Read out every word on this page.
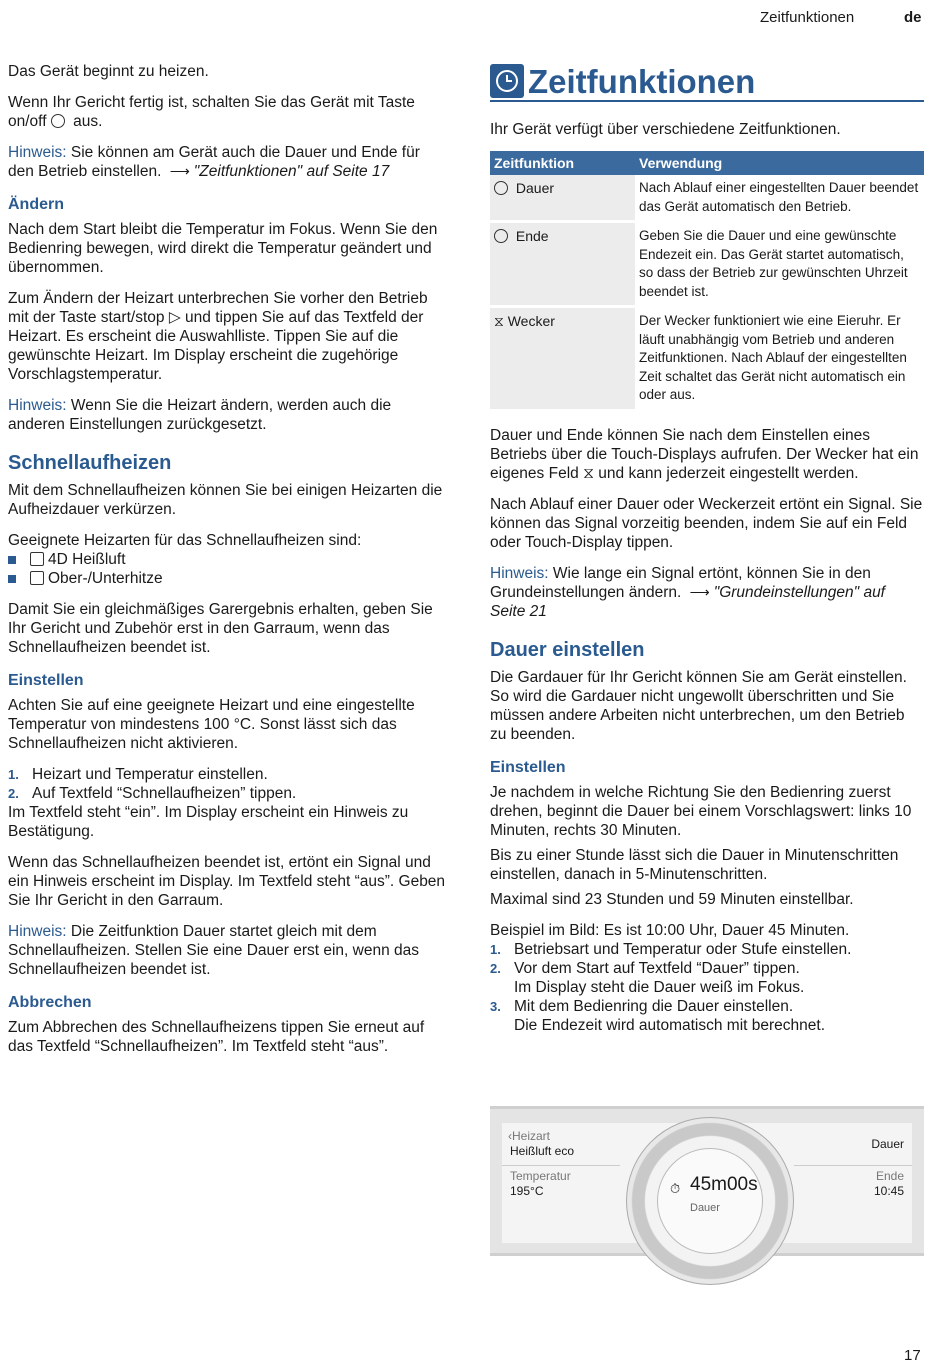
Zeitfunktionen	de

Das Gerät beginnt zu heizen.

Wenn Ihr Gericht fertig ist, schalten Sie das Gerät mit Taste on/off aus.

Hinweis: Sie können am Gerät auch die Dauer und Ende für den Betrieb einstellen. ⟶ "Zeitfunktionen" auf Seite 17

Ändern

Nach dem Start bleibt die Temperatur im Fokus. Wenn Sie den Bedienring bewegen, wird direkt die Temperatur geändert und übernommen.

Zum Ändern der Heizart unterbrechen Sie vorher den Betrieb mit der Taste start/stop ▷ und tippen Sie auf das Textfeld der Heizart. Es erscheint die Auswahlliste. Tippen Sie auf die gewünschte Heizart. Im Display erscheint die zugehörige Vorschlagstemperatur.

Hinweis: Wenn Sie die Heizart ändern, werden auch die anderen Einstellungen zurückgesetzt.

Schnellaufheizen

Mit dem Schnellaufheizen können Sie bei einigen Heizarten die Aufheizdauer verkürzen.

Geeignete Heizarten für das Schnellaufheizen sind:

4D Heißluft
Ober-/Unterhitze

Damit Sie ein gleichmäßiges Garergebnis erhalten, geben Sie Ihr Gericht und Zubehör erst in den Garraum, wenn das Schnellaufheizen beendet ist.

Einstellen

Achten Sie auf eine geeignete Heizart und eine eingestellte Temperatur von mindestens 100 °C. Sonst lässt sich das Schnellaufheizen nicht aktivieren.

1. Heizart und Temperatur einstellen.
2. Auf Textfeld “Schnellaufheizen” tippen.

Im Textfeld steht “ein”. Im Display erscheint ein Hinweis zu Bestätigung.

Wenn das Schnellaufheizen beendet ist, ertönt ein Signal und ein Hinweis erscheint im Display. Im Textfeld steht “aus”. Geben Sie Ihr Gericht in den Garraum.

Hinweis: Die Zeitfunktion Dauer startet gleich mit dem Schnellaufheizen. Stellen Sie eine Dauer erst ein, wenn das Schnellaufheizen beendet ist.

Abbrechen

Zum Abbrechen des Schnellaufheizens tippen Sie erneut auf das Textfeld “Schnellaufheizen”. Im Textfeld steht “aus”.

Zeitfunktionen

Ihr Gerät verfügt über verschiedene Zeitfunktionen.

Zeitfunktion	Verwendung
Dauer	Nach Ablauf einer eingestellten Dauer beendet das Gerät automatisch den Betrieb.
Ende	Geben Sie die Dauer und eine gewünschte Endezeit ein. Das Gerät startet automatisch, so dass der Betrieb zur gewünschten Uhrzeit beendet ist.
⧖ Wecker	Der Wecker funktioniert wie eine Eieruhr. Er läuft unabhängig vom Betrieb und anderen Zeitfunktionen. Nach Ablauf der eingestellten Zeit schaltet das Gerät nicht automatisch ein oder aus.

Dauer und Ende können Sie nach dem Einstellen eines Betriebs über die Touch-Displays aufrufen. Der Wecker hat ein eigenes Feld ⧖ und kann jederzeit eingestellt werden.

Nach Ablauf einer Dauer oder Weckerzeit ertönt ein Signal. Sie können das Signal vorzeitig beenden, indem Sie auf ein Feld oder Touch-Display tippen.

Hinweis: Wie lange ein Signal ertönt, können Sie in den Grundeinstellungen ändern. ⟶ "Grundeinstellungen" auf Seite 21

Dauer einstellen

Die Gardauer für Ihr Gericht können Sie am Gerät einstellen. So wird die Gardauer nicht ungewollt überschritten und Sie müssen andere Arbeiten nicht unterbrechen, um den Betrieb zu beenden.

Einstellen

Je nachdem in welche Richtung Sie den Bedienring zuerst drehen, beginnt die Dauer bei einem Vorschlagswert: links 10 Minuten, rechts 30 Minuten.

Bis zu einer Stunde lässt sich die Dauer in Minutenschritten einstellen, danach in 5-Minutenschritten.

Maximal sind 23 Stunden und 59 Minuten einstellbar.

Beispiel im Bild: Es ist 10:00 Uhr, Dauer 45 Minuten.

1. Betriebsart und Temperatur oder Stufe einstellen.
2. Vor dem Start auf Textfeld “Dauer” tippen.
Im Display steht die Dauer weiß im Fokus.
3. Mit dem Bedienring die Dauer einstellen.
Die Endezeit wird automatisch mit berechnet.
‹Heizart
Heißluft eco
Temperatur
195°C
Dauer
Ende
10:45
⏱ 45m00s
Dauer
17
